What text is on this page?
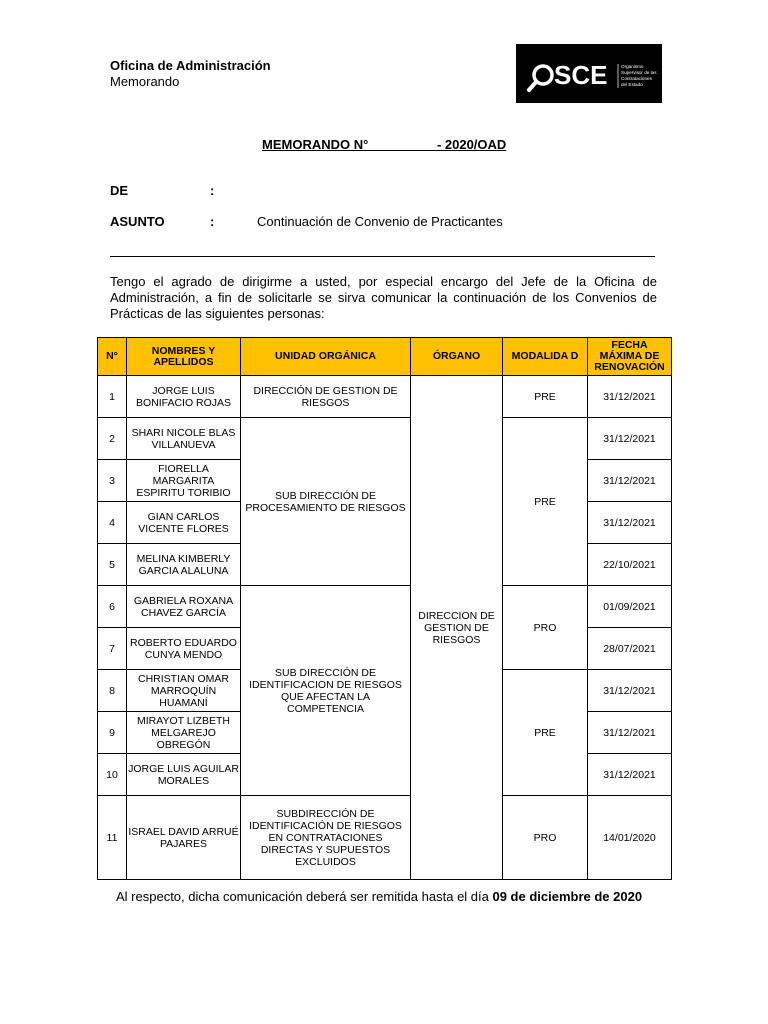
Oficina de Administración
Memorando	SCE	Organismo
Supervisor de las
Contrataciones
del Estado
MEMORANDO N°	- 2020/OAD
DE	:
ASUNTO	:	Continuación de Convenio de Practicantes
Tengo el agrado de dirigirme a usted, por especial encargo del Jefe de la Oficina de Administración, a fin de solicitarle se sirva comunicar la continuación de los Convenios de Prácticas de las siguientes personas:
N°	NOMBRES Y APELLIDOS	UNIDAD ORGÁNICA	ÓRGANO	MODALIDA D	FECHA MÁXIMA DE RENOVACIÓN
1	JORGE LUIS BONIFACIO ROJAS	DIRECCIÓN DE GESTION DE RIESGOS	DIRECCION DE GESTION DE RIESGOS	PRE	31/12/2021
2	SHARI NICOLE BLAS VILLANUEVA	SUB DIRECCIÓN DE PROCESAMIENTO DE RIESGOS		PRE	31/12/2021
3	FIORELLA MARGARITA ESPIRITU TORIBIO				31/12/2021
4	GIAN CARLOS VICENTE FLORES				31/12/2021
5	MELINA KIMBERLY GARCIA ALALUNA				22/10/2021
6	GABRIELA ROXANA CHAVEZ GARCÍA	SUB DIRECCIÓN DE IDENTIFICACION DE RIESGOS QUE AFECTAN LA COMPETENCIA		PRO	01/09/2021
7	ROBERTO EDUARDO CUNYA MENDO				28/07/2021
8	CHRISTIAN OMAR MARROQUÍN HUAMANÍ			PRE	31/12/2021
9	MIRAYOT LIZBETH MELGAREJO OBREGÓN				31/12/2021
10	JORGE LUIS AGUILAR MORALES				31/12/2021
11	ISRAEL DAVID ARRUÉ PAJARES	SUBDIRECCIÓN DE IDENTIFICACIÓN DE RIESGOS EN CONTRATACIONES DIRECTAS Y SUPUESTOS EXCLUIDOS		PRO	14/01/2020
Al respecto, dicha comunicación deberá ser remitida hasta el día 09 de diciembre de 2020
